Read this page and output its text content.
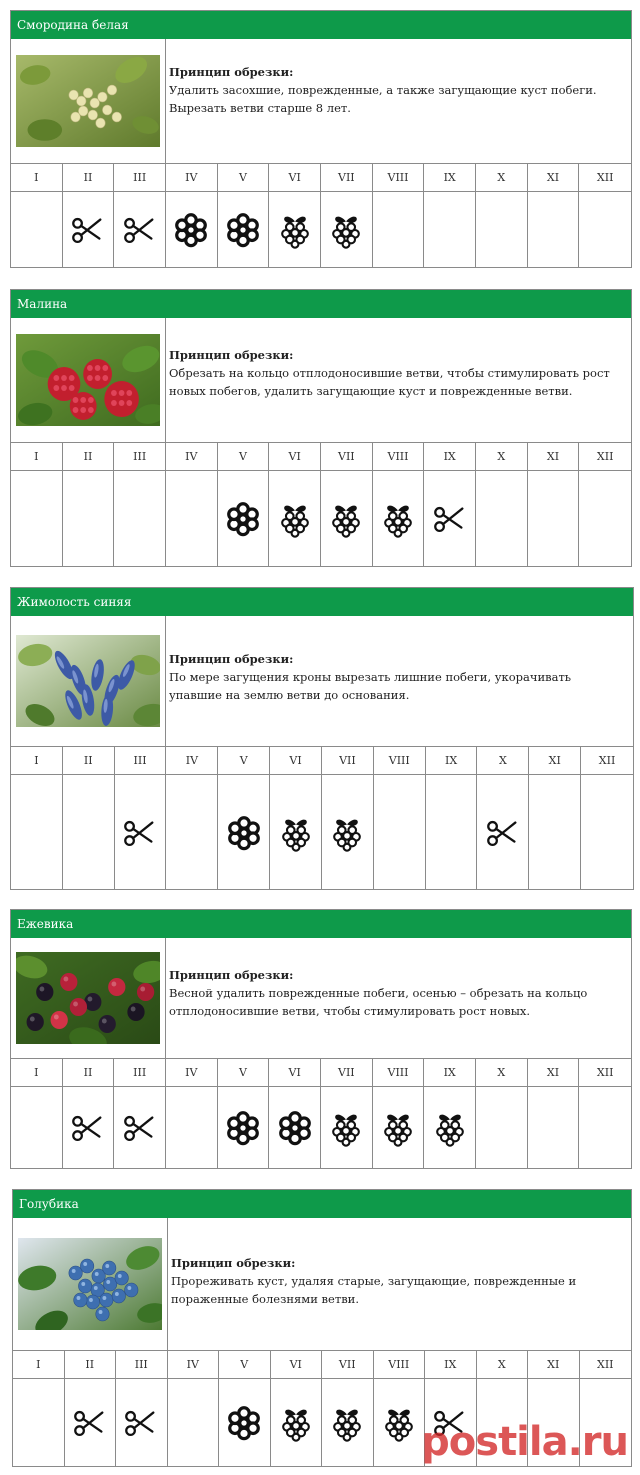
Смородина белая
Принцип обрезки:
Удалить засохшие, поврежденные, а также загущающие куст побеги. Вырезать ветви старше 8 лет.
I	II	III	IV	V	VI	VII	VIII	IX	X	XI	XII
Малина
Принцип обрезки:
Обрезать на кольцо отплодоносившие ветви, чтобы стимулировать рост новых побегов, удалить загущающие куст и поврежденные ветви.
I	II	III	IV	V	VI	VII	VIII	IX	X	XI	XII
Жимолость синяя
Принцип обрезки:
По мере загущения кроны вырезать лишние побеги, укорачивать упавшие на землю ветви до основания.
I	II	III	IV	V	VI	VII	VIII	IX	X	XI	XII
Ежевика
Принцип обрезки:
Весной удалить поврежденные побеги, осенью – обрезать на кольцо отплодоносившие ветви, чтобы стимулировать рост новых.
I	II	III	IV	V	VI	VII	VIII	IX	X	XI	XII
Голубика
Принцип обрезки:
Прореживать куст, удаляя старые, загущающие, поврежденные и пораженные болезнями ветви.
I	II	III	IV	V	VI	VII	VIII	IX	X	XI	XII
postila.ru
